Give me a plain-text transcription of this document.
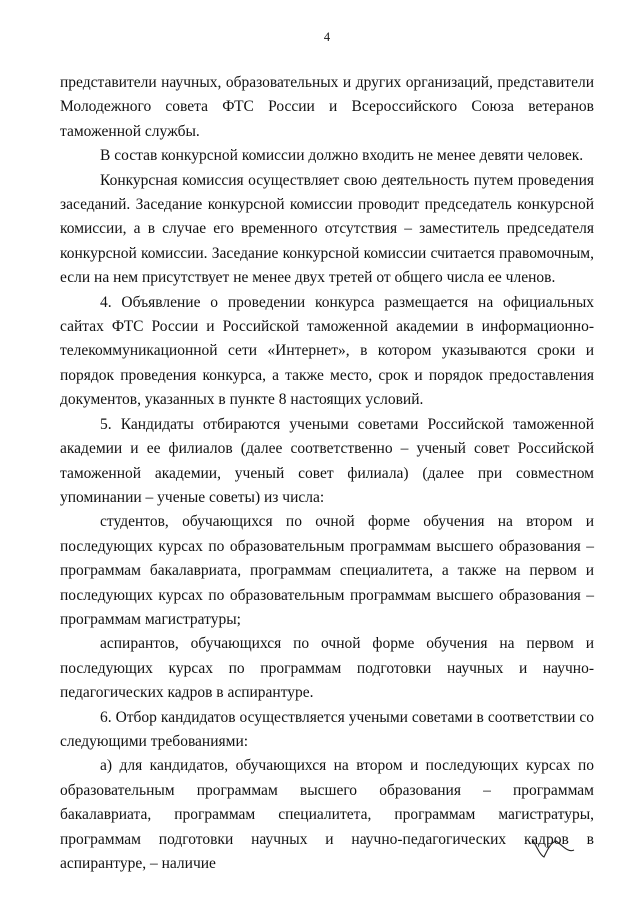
4

представители научных, образовательных и других организаций, представители Молодежного совета ФТС России и Всероссийского Союза ветеранов таможенной службы.

В состав конкурсной комиссии должно входить не менее девяти человек.

Конкурсная комиссия осуществляет свою деятельность путем проведения заседаний. Заседание конкурсной комиссии проводит председатель конкурсной комиссии, а в случае его временного отсутствия – заместитель председателя конкурсной комиссии. Заседание конкурсной комиссии считается правомочным, если на нем присутствует не менее двух третей от общего числа ее членов.

4. Объявление о проведении конкурса размещается на официальных сайтах ФТС России и Российской таможенной академии в информационно-телекоммуникационной сети «Интернет», в котором указываются сроки и порядок проведения конкурса, а также место, срок и порядок предоставления документов, указанных в пункте 8 настоящих условий.

5. Кандидаты отбираются учеными советами Российской таможенной академии и ее филиалов (далее соответственно – ученый совет Российской таможенной академии, ученый совет филиала) (далее при совместном упоминании – ученые советы) из числа:

студентов, обучающихся по очной форме обучения на втором и последующих курсах по образовательным программам высшего образования – программам бакалавриата, программам специалитета, а также на первом и последующих курсах по образовательным программам высшего образования – программам магистратуры;

аспирантов, обучающихся по очной форме обучения на первом и последующих курсах по программам подготовки научных и научно-педагогических кадров в аспирантуре.

6. Отбор кандидатов осуществляется учеными советами в соответствии со следующими требованиями:

а) для кандидатов, обучающихся на втором и последующих курсах по образовательным программам высшего образования – программам бакалавриата, программам специалитета, программам магистратуры, программам подготовки научных и научно-педагогических кадров в аспирантуре, – наличие
